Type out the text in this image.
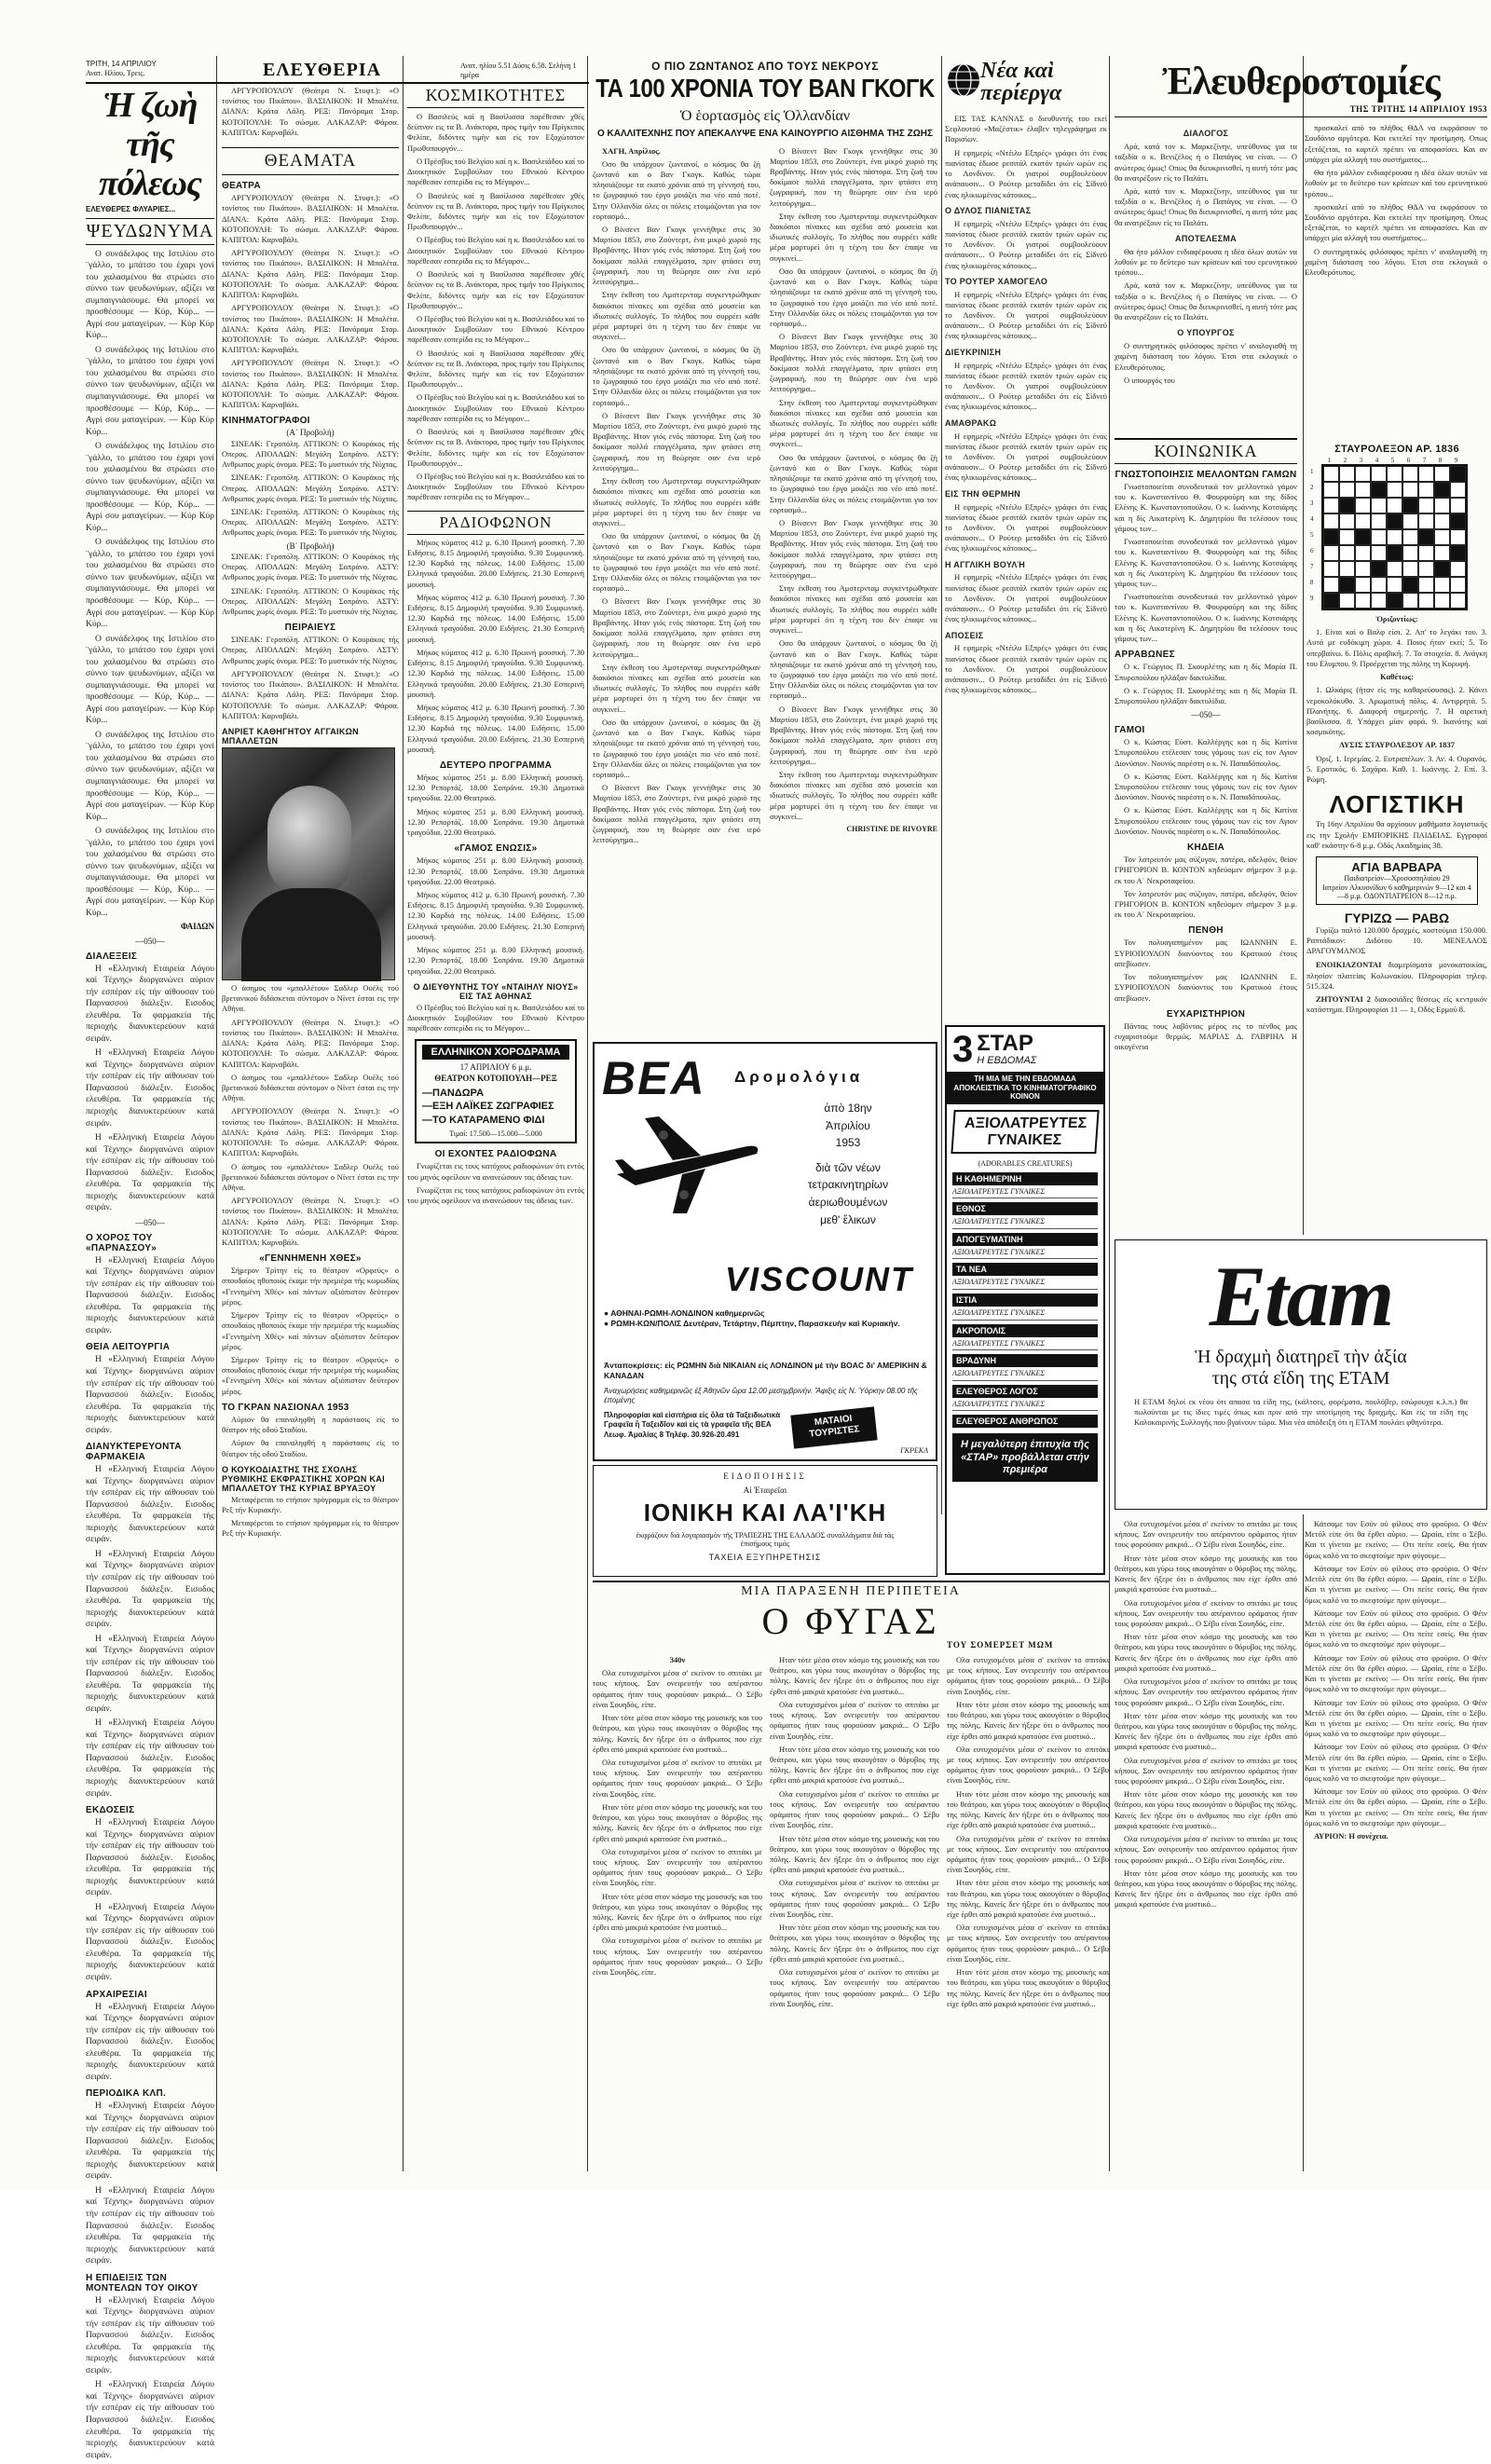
ΤΡΙΤΗ, 14 ΑΠΡΙΛΙΟΥ
Ανατ. Ηλίου, Τρεις.	ΕΛΕΥΘΕΡΙΑ	Ανατ. ηλίου 5.51 Δύσις 6.58. Σελήνη 1 ημέρα
Ἡ ζωὴ τῆς πόλεως
ΕΛΕΥΘΕΡΕΣ ΦΛΥΑΡΙΕΣ...
ΨΕΥΔΩΝΥΜΑ

Ο συνάδελφος της Ιστιλίου στο ¨γάλλο, το μπάτσο του έχαρι γονί του χαλασμένου θα στρώσει στο σύννο των ψευδωνύμων, αξίζει να συμπαιγνιάσουμε. Θα μπορεί να προσθέσουμε — Κύρ, Κύρ... — Αγρί σου ματαγείρων. — Κύρ Κύρ Κύρ...

Ο συνάδελφος της Ιστιλίου στο ¨γάλλο, το μπάτσο του έχαρι γονί του χαλασμένου θα στρώσει στο σύννο των ψευδωνύμων, αξίζει να συμπαιγνιάσουμε. Θα μπορεί να προσθέσουμε — Κύρ, Κύρ... — Αγρί σου ματαγείρων. — Κύρ Κύρ Κύρ...

Ο συνάδελφος της Ιστιλίου στο ¨γάλλο, το μπάτσο του έχαρι γονί του χαλασμένου θα στρώσει στο σύννο των ψευδωνύμων, αξίζει να συμπαιγνιάσουμε. Θα μπορεί να προσθέσουμε — Κύρ, Κύρ... — Αγρί σου ματαγείρων. — Κύρ Κύρ Κύρ...

Ο συνάδελφος της Ιστιλίου στο ¨γάλλο, το μπάτσο του έχαρι γονί του χαλασμένου θα στρώσει στο σύννο των ψευδωνύμων, αξίζει να συμπαιγνιάσουμε. Θα μπορεί να προσθέσουμε — Κύρ, Κύρ... — Αγρί σου ματαγείρων. — Κύρ Κύρ Κύρ...

Ο συνάδελφος της Ιστιλίου στο ¨γάλλο, το μπάτσο του έχαρι γονί του χαλασμένου θα στρώσει στο σύννο των ψευδωνύμων, αξίζει να συμπαιγνιάσουμε. Θα μπορεί να προσθέσουμε — Κύρ, Κύρ... — Αγρί σου ματαγείρων. — Κύρ Κύρ Κύρ...

Ο συνάδελφος της Ιστιλίου στο ¨γάλλο, το μπάτσο του έχαρι γονί του χαλασμένου θα στρώσει στο σύννο των ψευδωνύμων, αξίζει να συμπαιγνιάσουμε. Θα μπορεί να προσθέσουμε — Κύρ, Κύρ... — Αγρί σου ματαγείρων. — Κύρ Κύρ Κύρ...

Ο συνάδελφος της Ιστιλίου στο ¨γάλλο, το μπάτσο του έχαρι γονί του χαλασμένου θα στρώσει στο σύννο των ψευδωνύμων, αξίζει να συμπαιγνιάσουμε. Θα μπορεί να προσθέσουμε — Κύρ, Κύρ... — Αγρί σου ματαγείρων. — Κύρ Κύρ Κύρ...

ΦΑΙΔΩΝ
—050—
ΔΙΑΛΕΞΕΙΣ

Η «Ελληνική Εταιρεία Λόγου καί Τέχνης» διοργανώνει αύριον τήν εσπέραν είς τήν αίθουσαν τού Παρνασσού διάλεξιν. Εισοδος ελευθέρα. Τα φαρμακεία τής περιοχής διανυκτερεύουν κατά σειράν.

Η «Ελληνική Εταιρεία Λόγου καί Τέχνης» διοργανώνει αύριον τήν εσπέραν είς τήν αίθουσαν τού Παρνασσού διάλεξιν. Εισοδος ελευθέρα. Τα φαρμακεία τής περιοχής διανυκτερεύουν κατά σειράν.

Η «Ελληνική Εταιρεία Λόγου καί Τέχνης» διοργανώνει αύριον τήν εσπέραν είς τήν αίθουσαν τού Παρνασσού διάλεξιν. Εισοδος ελευθέρα. Τα φαρμακεία τής περιοχής διανυκτερεύουν κατά σειράν.

—050—
Ο ΧΟΡΟΣ ΤΟΥ «ΠΑΡΝΑΣΣΟΥ»

Η «Ελληνική Εταιρεία Λόγου καί Τέχνης» διοργανώνει αύριον τήν εσπέραν είς τήν αίθουσαν τού Παρνασσού διάλεξιν. Εισοδος ελευθέρα. Τα φαρμακεία τής περιοχής διανυκτερεύουν κατά σειράν.

ΘΕΙΑ ΛΕΙΤΟΥΡΓΙΑ

Η «Ελληνική Εταιρεία Λόγου καί Τέχνης» διοργανώνει αύριον τήν εσπέραν είς τήν αίθουσαν τού Παρνασσού διάλεξιν. Εισοδος ελευθέρα. Τα φαρμακεία τής περιοχής διανυκτερεύουν κατά σειράν.

ΔΙΑΝΥΚΤΕΡΕΥΟΝΤΑ ΦΑΡΜΑΚΕΙΑ

Η «Ελληνική Εταιρεία Λόγου καί Τέχνης» διοργανώνει αύριον τήν εσπέραν είς τήν αίθουσαν τού Παρνασσού διάλεξιν. Εισοδος ελευθέρα. Τα φαρμακεία τής περιοχής διανυκτερεύουν κατά σειράν.

Η «Ελληνική Εταιρεία Λόγου καί Τέχνης» διοργανώνει αύριον τήν εσπέραν είς τήν αίθουσαν τού Παρνασσού διάλεξιν. Εισοδος ελευθέρα. Τα φαρμακεία τής περιοχής διανυκτερεύουν κατά σειράν.

Η «Ελληνική Εταιρεία Λόγου καί Τέχνης» διοργανώνει αύριον τήν εσπέραν είς τήν αίθουσαν τού Παρνασσού διάλεξιν. Εισοδος ελευθέρα. Τα φαρμακεία τής περιοχής διανυκτερεύουν κατά σειράν.

Η «Ελληνική Εταιρεία Λόγου καί Τέχνης» διοργανώνει αύριον τήν εσπέραν είς τήν αίθουσαν τού Παρνασσού διάλεξιν. Εισοδος ελευθέρα. Τα φαρμακεία τής περιοχής διανυκτερεύουν κατά σειράν.

ΕΚΔΟΣΕΙΣ

Η «Ελληνική Εταιρεία Λόγου καί Τέχνης» διοργανώνει αύριον τήν εσπέραν είς τήν αίθουσαν τού Παρνασσού διάλεξιν. Εισοδος ελευθέρα. Τα φαρμακεία τής περιοχής διανυκτερεύουν κατά σειράν.

Η «Ελληνική Εταιρεία Λόγου καί Τέχνης» διοργανώνει αύριον τήν εσπέραν είς τήν αίθουσαν τού Παρνασσού διάλεξιν. Εισοδος ελευθέρα. Τα φαρμακεία τής περιοχής διανυκτερεύουν κατά σειράν.

ΑΡΧΑΙΡΕΣΙΑΙ

Η «Ελληνική Εταιρεία Λόγου καί Τέχνης» διοργανώνει αύριον τήν εσπέραν είς τήν αίθουσαν τού Παρνασσού διάλεξιν. Εισοδος ελευθέρα. Τα φαρμακεία τής περιοχής διανυκτερεύουν κατά σειράν.

ΠΕΡΙΟΔΙΚΑ ΚΛΠ.

Η «Ελληνική Εταιρεία Λόγου καί Τέχνης» διοργανώνει αύριον τήν εσπέραν είς τήν αίθουσαν τού Παρνασσού διάλεξιν. Εισοδος ελευθέρα. Τα φαρμακεία τής περιοχής διανυκτερεύουν κατά σειράν.

Η «Ελληνική Εταιρεία Λόγου καί Τέχνης» διοργανώνει αύριον τήν εσπέραν είς τήν αίθουσαν τού Παρνασσού διάλεξιν. Εισοδος ελευθέρα. Τα φαρμακεία τής περιοχής διανυκτερεύουν κατά σειράν.

Η ΕΠΙΔΕΙΞΙΣ ΤΩΝ ΜΟΝΤΕΛΩΝ ΤΟΥ ΟΙΚΟΥ

Η «Ελληνική Εταιρεία Λόγου καί Τέχνης» διοργανώνει αύριον τήν εσπέραν είς τήν αίθουσαν τού Παρνασσού διάλεξιν. Εισοδος ελευθέρα. Τα φαρμακεία τής περιοχής διανυκτερεύουν κατά σειράν.

Η «Ελληνική Εταιρεία Λόγου καί Τέχνης» διοργανώνει αύριον τήν εσπέραν είς τήν αίθουσαν τού Παρνασσού διάλεξιν. Εισοδος ελευθέρα. Τα φαρμακεία τής περιοχής διανυκτερεύουν κατά σειράν.

ΑΡΓΥΡΟΠΟΥΛΟΥ (Θεάτρα Ν. Στυφτ.): «Ο τονίστος του Πικάπου». ΒΑΣΙΛΙΚΟΝ: Η Μπαλέτα. ΔΙΑΝΑ: Κράτα Λάλη. ΡΕΞ: Πανόραμα Σταρ. ΚΟΤΟΠΟΥΛΗ: Το σώσμα. ΑΛΚΑΖΑΡ: Φάρσα. ΚΑΠΙΤΟΛ: Καρναβάλι.

ΘΕΑΜΑΤΑ
ΘΕΑΤΡΑ

ΑΡΓΥΡΟΠΟΥΛΟΥ (Θεάτρα Ν. Στυφτ.): «Ο τονίστος του Πικάπου». ΒΑΣΙΛΙΚΟΝ: Η Μπαλέτα. ΔΙΑΝΑ: Κράτα Λάλη. ΡΕΞ: Πανόραμα Σταρ. ΚΟΤΟΠΟΥΛΗ: Το σώσμα. ΑΛΚΑΖΑΡ: Φάρσα. ΚΑΠΙΤΟΛ: Καρναβάλι.

ΑΡΓΥΡΟΠΟΥΛΟΥ (Θεάτρα Ν. Στυφτ.): «Ο τονίστος του Πικάπου». ΒΑΣΙΛΙΚΟΝ: Η Μπαλέτα. ΔΙΑΝΑ: Κράτα Λάλη. ΡΕΞ: Πανόραμα Σταρ. ΚΟΤΟΠΟΥΛΗ: Το σώσμα. ΑΛΚΑΖΑΡ: Φάρσα. ΚΑΠΙΤΟΛ: Καρναβάλι.

ΑΡΓΥΡΟΠΟΥΛΟΥ (Θεάτρα Ν. Στυφτ.): «Ο τονίστος του Πικάπου». ΒΑΣΙΛΙΚΟΝ: Η Μπαλέτα. ΔΙΑΝΑ: Κράτα Λάλη. ΡΕΞ: Πανόραμα Σταρ. ΚΟΤΟΠΟΥΛΗ: Το σώσμα. ΑΛΚΑΖΑΡ: Φάρσα. ΚΑΠΙΤΟΛ: Καρναβάλι.

ΑΡΓΥΡΟΠΟΥΛΟΥ (Θεάτρα Ν. Στυφτ.): «Ο τονίστος του Πικάπου». ΒΑΣΙΛΙΚΟΝ: Η Μπαλέτα. ΔΙΑΝΑ: Κράτα Λάλη. ΡΕΞ: Πανόραμα Σταρ. ΚΟΤΟΠΟΥΛΗ: Το σώσμα. ΑΛΚΑΖΑΡ: Φάρσα. ΚΑΠΙΤΟΛ: Καρναβάλι.

ΚΙΝΗΜΑΤΟΓΡΑΦΟΙ
(Α΄ Προβολή)

ΣΙΝΕΑΚ: Γεροπόλη. ΑΤΤΙΚΟΝ: Ο Κουράκος τής Οπερας. ΑΠΟΛΛΩΝ: Μεγάλη Σοπράνο. ΑΣΤΥ: Ανθρωπος χωρίς όνομα. ΡΕΞ: Το μυστικόν τής Νύχτας.

ΣΙΝΕΑΚ: Γεροπόλη. ΑΤΤΙΚΟΝ: Ο Κουράκος τής Οπερας. ΑΠΟΛΛΩΝ: Μεγάλη Σοπράνο. ΑΣΤΥ: Ανθρωπος χωρίς όνομα. ΡΕΞ: Το μυστικόν τής Νύχτας.

ΣΙΝΕΑΚ: Γεροπόλη. ΑΤΤΙΚΟΝ: Ο Κουράκος τής Οπερας. ΑΠΟΛΛΩΝ: Μεγάλη Σοπράνο. ΑΣΤΥ: Ανθρωπος χωρίς όνομα. ΡΕΞ: Το μυστικόν τής Νύχτας.

(Β΄ Προβολή)

ΣΙΝΕΑΚ: Γεροπόλη. ΑΤΤΙΚΟΝ: Ο Κουράκος τής Οπερας. ΑΠΟΛΛΩΝ: Μεγάλη Σοπράνο. ΑΣΤΥ: Ανθρωπος χωρίς όνομα. ΡΕΞ: Το μυστικόν τής Νύχτας.

ΣΙΝΕΑΚ: Γεροπόλη. ΑΤΤΙΚΟΝ: Ο Κουράκος τής Οπερας. ΑΠΟΛΛΩΝ: Μεγάλη Σοπράνο. ΑΣΤΥ: Ανθρωπος χωρίς όνομα. ΡΕΞ: Το μυστικόν τής Νύχτας.

ΠΕΙΡΑΙΕΥΣ

ΣΙΝΕΑΚ: Γεροπόλη. ΑΤΤΙΚΟΝ: Ο Κουράκος τής Οπερας. ΑΠΟΛΛΩΝ: Μεγάλη Σοπράνο. ΑΣΤΥ: Ανθρωπος χωρίς όνομα. ΡΕΞ: Το μυστικόν τής Νύχτας.

ΑΡΓΥΡΟΠΟΥΛΟΥ (Θεάτρα Ν. Στυφτ.): «Ο τονίστος του Πικάπου». ΒΑΣΙΛΙΚΟΝ: Η Μπαλέτα. ΔΙΑΝΑ: Κράτα Λάλη. ΡΕΞ: Πανόραμα Σταρ. ΚΟΤΟΠΟΥΛΗ: Το σώσμα. ΑΛΚΑΖΑΡ: Φάρσα. ΚΑΠΙΤΟΛ: Καρναβάλι.

ΑΝΡΙΕΤ ΚΑΘΗΓΗΤΟΥ ΑΓΓΑΙΚΩΝ ΜΠΑΛΛΕΤΩΝ

Ο άσημος του «μπαλλέτου» Σαδλερ Ουέλς τού βρετανικού διδάσκεται σύντομον ο Νίνετ έσται εις την Αθήνα.

ΑΡΓΥΡΟΠΟΥΛΟΥ (Θεάτρα Ν. Στυφτ.): «Ο τονίστος του Πικάπου». ΒΑΣΙΛΙΚΟΝ: Η Μπαλέτα. ΔΙΑΝΑ: Κράτα Λάλη. ΡΕΞ: Πανόραμα Σταρ. ΚΟΤΟΠΟΥΛΗ: Το σώσμα. ΑΛΚΑΖΑΡ: Φάρσα. ΚΑΠΙΤΟΛ: Καρναβάλι.

Ο άσημος του «μπαλλέτου» Σαδλερ Ουέλς τού βρετανικού διδάσκεται σύντομον ο Νίνετ έσται εις την Αθήνα.

ΑΡΓΥΡΟΠΟΥΛΟΥ (Θεάτρα Ν. Στυφτ.): «Ο τονίστος του Πικάπου». ΒΑΣΙΛΙΚΟΝ: Η Μπαλέτα. ΔΙΑΝΑ: Κράτα Λάλη. ΡΕΞ: Πανόραμα Σταρ. ΚΟΤΟΠΟΥΛΗ: Το σώσμα. ΑΛΚΑΖΑΡ: Φάρσα. ΚΑΠΙΤΟΛ: Καρναβάλι.

Ο άσημος του «μπαλλέτου» Σαδλερ Ουέλς τού βρετανικού διδάσκεται σύντομον ο Νίνετ έσται εις την Αθήνα.

ΑΡΓΥΡΟΠΟΥΛΟΥ (Θεάτρα Ν. Στυφτ.): «Ο τονίστος του Πικάπου». ΒΑΣΙΛΙΚΟΝ: Η Μπαλέτα. ΔΙΑΝΑ: Κράτα Λάλη. ΡΕΞ: Πανόραμα Σταρ. ΚΟΤΟΠΟΥΛΗ: Το σώσμα. ΑΛΚΑΖΑΡ: Φάρσα. ΚΑΠΙΤΟΛ: Καρναβάλι.

«ΓΕΝΝΗΜΕΝΗ ΧΘΕΣ»

Σήμερον Τρίτην είς το θέατρον «Ορφεύς» ο σπουδαίος ηθοποιός έκαμε τήν πρεμιέρα τής κωμωδίας «Γεννημένη Χθές» καί πάντων αξιόπιστον δεύτερον μέρος.

Σήμερον Τρίτην είς το θέατρον «Ορφεύς» ο σπουδαίος ηθοποιός έκαμε τήν πρεμιέρα τής κωμωδίας «Γεννημένη Χθές» καί πάντων αξιόπιστον δεύτερον μέρος.

Σήμερον Τρίτην είς το θέατρον «Ορφεύς» ο σπουδαίος ηθοποιός έκαμε τήν πρεμιέρα τής κωμωδίας «Γεννημένη Χθές» καί πάντων αξιόπιστον δεύτερον μέρος.

ΤΟ ΓΚΡΑΝ ΝΑΣΙΟΝΑΛ 1953

Αύριον θα επαναληφθή η παράστασις είς το θέατρον τής οδού Σταδίου.

Αύριον θα επαναληφθή η παράστασις είς το θέατρον τής οδού Σταδίου.

Ο ΚΟΥΚΟΔΙΑΣΤΗΣ ΤΗΣ ΣΧΟΛΗΣ ΡΥΘΜΙΚΗΣ ΕΚΦΡΑΣΤΙΚΗΣ ΧΟΡΩΝ ΚΑΙ ΜΠΑΛΛΕΤΟΥ ΤΗΣ ΚΥΡΙΑΣ ΒΡΥΑΞΟΥ

Μεταφέρεται το ετήσιον πρόγραμμα είς το θέατρον Ρεξ τήν Κυριακήν.

Μεταφέρεται το ετήσιον πρόγραμμα είς το θέατρον Ρεξ τήν Κυριακήν.

ΚΟΣΜΙΚΟΤΗΤΕΣ

Ο Βασιλεύς καί η Βασίλισσα παρέθεσαν χθές δεύπνον εις τα Β. Ανάκτορα, προς τιμήν του Πρίγκιπος Φελίπε, διδόντες τιμήν και είς τον Εξοχώτατον Πρωθυπουργόν...

Ο Πρέσβυς τού Βελγίου καί η κ. Βασιλειάδου καί το Διοικητικόν Συμβούλιον του Εθνικού Κέντρου παρέθεσαν εσπερίδα εις το Μέγαρον...

Ο Βασιλεύς καί η Βασίλισσα παρέθεσαν χθές δεύπνον εις τα Β. Ανάκτορα, προς τιμήν του Πρίγκιπος Φελίπε, διδόντες τιμήν και είς τον Εξοχώτατον Πρωθυπουργόν...

Ο Πρέσβυς τού Βελγίου καί η κ. Βασιλειάδου καί το Διοικητικόν Συμβούλιον του Εθνικού Κέντρου παρέθεσαν εσπερίδα εις το Μέγαρον...

Ο Βασιλεύς καί η Βασίλισσα παρέθεσαν χθές δεύπνον εις τα Β. Ανάκτορα, προς τιμήν του Πρίγκιπος Φελίπε, διδόντες τιμήν και είς τον Εξοχώτατον Πρωθυπουργόν...

Ο Πρέσβυς τού Βελγίου καί η κ. Βασιλειάδου καί το Διοικητικόν Συμβούλιον του Εθνικού Κέντρου παρέθεσαν εσπερίδα εις το Μέγαρον...

Ο Βασιλεύς καί η Βασίλισσα παρέθεσαν χθές δεύπνον εις τα Β. Ανάκτορα, προς τιμήν του Πρίγκιπος Φελίπε, διδόντες τιμήν και είς τον Εξοχώτατον Πρωθυπουργόν...

Ο Πρέσβυς τού Βελγίου καί η κ. Βασιλειάδου καί το Διοικητικόν Συμβούλιον του Εθνικού Κέντρου παρέθεσαν εσπερίδα εις το Μέγαρον...

Ο Βασιλεύς καί η Βασίλισσα παρέθεσαν χθές δεύπνον εις τα Β. Ανάκτορα, προς τιμήν του Πρίγκιπος Φελίπε, διδόντες τιμήν και είς τον Εξοχώτατον Πρωθυπουργόν...

Ο Πρέσβυς τού Βελγίου καί η κ. Βασιλειάδου καί το Διοικητικόν Συμβούλιον του Εθνικού Κέντρου παρέθεσαν εσπερίδα εις το Μέγαρον...

ΡΑΔΙΟΦΩΝΟΝ

Μήκος κύματος 412 μ. 6.30 Πρωινή μουσική. 7.30 Ειδήσεις. 8.15 Δημοφιλή τραγούδια. 9.30 Συμφωνική. 12.30 Καρδιά της πόλεως. 14.00 Ειδήσεις. 15.00 Ελληνικά τραγούδια. 20.00 Ειδήσεις. 21.30 Εσπερινή μουσική.

Μήκος κύματος 412 μ. 6.30 Πρωινή μουσική. 7.30 Ειδήσεις. 8.15 Δημοφιλή τραγούδια. 9.30 Συμφωνική. 12.30 Καρδιά της πόλεως. 14.00 Ειδήσεις. 15.00 Ελληνικά τραγούδια. 20.00 Ειδήσεις. 21.30 Εσπερινή μουσική.

Μήκος κύματος 412 μ. 6.30 Πρωινή μουσική. 7.30 Ειδήσεις. 8.15 Δημοφιλή τραγούδια. 9.30 Συμφωνική. 12.30 Καρδιά της πόλεως. 14.00 Ειδήσεις. 15.00 Ελληνικά τραγούδια. 20.00 Ειδήσεις. 21.30 Εσπερινή μουσική.

Μήκος κύματος 412 μ. 6.30 Πρωινή μουσική. 7.30 Ειδήσεις. 8.15 Δημοφιλή τραγούδια. 9.30 Συμφωνική. 12.30 Καρδιά της πόλεως. 14.00 Ειδήσεις. 15.00 Ελληνικά τραγούδια. 20.00 Ειδήσεις. 21.30 Εσπερινή μουσική.

ΔΕΥΤΕΡΟ ΠΡΟΓΡΑΜΜΑ

Μήκος κύματος 251 μ. 8.00 Ελληνική μουσική. 12.30 Ρεπορτάζ. 18.00 Σοπράνα. 19.30 Δημοτικά τραγούδια. 22.00 Θεατρικό.

Μήκος κύματος 251 μ. 8.00 Ελληνική μουσική. 12.30 Ρεπορτάζ. 18.00 Σοπράνα. 19.30 Δημοτικά τραγούδια. 22.00 Θεατρικό.

«ΓΑΜΟΣ ΕΝΩΣΙΣ»

Μήκος κύματος 251 μ. 8.00 Ελληνική μουσική. 12.30 Ρεπορτάζ. 18.00 Σοπράνα. 19.30 Δημοτικά τραγούδια. 22.00 Θεατρικό.

Μήκος κύματος 412 μ. 6.30 Πρωινή μουσική. 7.30 Ειδήσεις. 8.15 Δημοφιλή τραγούδια. 9.30 Συμφωνική. 12.30 Καρδιά της πόλεως. 14.00 Ειδήσεις. 15.00 Ελληνικά τραγούδια. 20.00 Ειδήσεις. 21.30 Εσπερινή μουσική.

Μήκος κύματος 251 μ. 8.00 Ελληνική μουσική. 12.30 Ρεπορτάζ. 18.00 Σοπράνα. 19.30 Δημοτικά τραγούδια. 22.00 Θεατρικό.

Ο ΔΙΕΥΘΥΝΤΗΣ ΤΟΥ «ΝΤΑΙΗΛΥ ΝΙΟΥΣ» ΕΙΣ ΤΑΣ ΑΘΗΝΑΣ

Ο Πρέσβυς τού Βελγίου καί η κ. Βασιλειάδου καί το Διοικητικόν Συμβούλιον του Εθνικού Κέντρου παρέθεσαν εσπερίδα εις το Μέγαρον...

ΕΛΛΗΝΙΚΟΝ ΧΟΡΟΔΡΑΜΑ
17 ΑΠΡΙΛΙΟΥ 6 μ.μ.
ΘΕΑΤΡΟΝ ΚΟΤΟΠΟΥΛΗ—ΡΕΞ
—ΠΑΝΔΩΡΑ
—ΕΞΗ ΛΑΪΚΕΣ ΖΩΓΡΑΦΙΕΣ
—ΤΟ ΚΑΤΑΡΑΜΕΝΟ ΦΙΔΙ
Τιμαί: 17.500—15.000—5.000
ΟΙ ΕΧΟΝΤΕΣ ΡΑΔΙΟΦΩΝΑ

Γνωρίζεται εις τους κατόχους ραδιοφώνων ότι εντός του μηνός οφείλουν να ανανεώσουν τας άδειας των.

Γνωρίζεται εις τους κατόχους ραδιοφώνων ότι εντός του μηνός οφείλουν να ανανεώσουν τας άδειας των.

Ο ΠΙΟ ΖΩΝΤΑΝΟΣ ΑΠΟ ΤΟΥΣ ΝΕΚΡΟΥΣ
ΤΑ 100 ΧΡΟΝΙΑ ΤΟΥ ΒΑΝ ΓΚΟΓΚ
Ὁ ἑορτασμὸς εἰς Ὁλλανδίαν
Ο ΚΑΛΛΙΤΕΧΝΗΣ ΠΟΥ ΑΠΕΚΑΛΥΨΕ ΕΝΑ ΚΑΙΝΟΥΡΓΙΟ ΑΙΣΘΗΜΑ ΤΗΣ ΖΩΗΣ

ΧΑΓΗ, Απρίλιος.

Οσο θα υπάρχουν ζωντανοί, ο κόσμος θα ζή ζωντανό και ο Βαν Γκογκ. Καθώς τώρα πλησιάζουμε τα εκατό χρόνια από τη γέννησή του, το ζωγραφικό του έργο μοιάζει πιο νέο από ποτέ. Στην Ολλανδία όλες οι πόλεις ετοιμάζονται για τον εορτασμό...

Ο Βίνσεντ Βαν Γκογκ γεννήθηκε στις 30 Μαρτίου 1853, στο Ζούντερτ, ένα μικρό χωριό της Βραβάντης. Ηταν γιός ενός πάστορα. Στη ζωή του δοκίμασε πολλά επαγγέλματα, πριν φτάσει στη ζωγραφική, που τη θεώρησε σαν ένα ιερό λειτούργημα...

Στην έκθεση του Αμστερνταμ συγκεντρώθηκαν διακόσιοι πίνακες και σχέδια από μουσεία και ιδιωτικές συλλογές. Το πλήθος που συρρέει κάθε μέρα μαρτυρεί ότι η τέχνη του δεν έπαψε να συγκινεί...

Οσο θα υπάρχουν ζωντανοί, ο κόσμος θα ζή ζωντανό και ο Βαν Γκογκ. Καθώς τώρα πλησιάζουμε τα εκατό χρόνια από τη γέννησή του, το ζωγραφικό του έργο μοιάζει πιο νέο από ποτέ. Στην Ολλανδία όλες οι πόλεις ετοιμάζονται για τον εορτασμό...

Ο Βίνσεντ Βαν Γκογκ γεννήθηκε στις 30 Μαρτίου 1853, στο Ζούντερτ, ένα μικρό χωριό της Βραβάντης. Ηταν γιός ενός πάστορα. Στη ζωή του δοκίμασε πολλά επαγγέλματα, πριν φτάσει στη ζωγραφική, που τη θεώρησε σαν ένα ιερό λειτούργημα...

Στην έκθεση του Αμστερνταμ συγκεντρώθηκαν διακόσιοι πίνακες και σχέδια από μουσεία και ιδιωτικές συλλογές. Το πλήθος που συρρέει κάθε μέρα μαρτυρεί ότι η τέχνη του δεν έπαψε να συγκινεί...

Οσο θα υπάρχουν ζωντανοί, ο κόσμος θα ζή ζωντανό και ο Βαν Γκογκ. Καθώς τώρα πλησιάζουμε τα εκατό χρόνια από τη γέννησή του, το ζωγραφικό του έργο μοιάζει πιο νέο από ποτέ. Στην Ολλανδία όλες οι πόλεις ετοιμάζονται για τον εορτασμό...

Ο Βίνσεντ Βαν Γκογκ γεννήθηκε στις 30 Μαρτίου 1853, στο Ζούντερτ, ένα μικρό χωριό της Βραβάντης. Ηταν γιός ενός πάστορα. Στη ζωή του δοκίμασε πολλά επαγγέλματα, πριν φτάσει στη ζωγραφική, που τη θεώρησε σαν ένα ιερό λειτούργημα...

Στην έκθεση του Αμστερνταμ συγκεντρώθηκαν διακόσιοι πίνακες και σχέδια από μουσεία και ιδιωτικές συλλογές. Το πλήθος που συρρέει κάθε μέρα μαρτυρεί ότι η τέχνη του δεν έπαψε να συγκινεί...

Οσο θα υπάρχουν ζωντανοί, ο κόσμος θα ζή ζωντανό και ο Βαν Γκογκ. Καθώς τώρα πλησιάζουμε τα εκατό χρόνια από τη γέννησή του, το ζωγραφικό του έργο μοιάζει πιο νέο από ποτέ. Στην Ολλανδία όλες οι πόλεις ετοιμάζονται για τον εορτασμό...

Ο Βίνσεντ Βαν Γκογκ γεννήθηκε στις 30 Μαρτίου 1853, στο Ζούντερτ, ένα μικρό χωριό της Βραβάντης. Ηταν γιός ενός πάστορα. Στη ζωή του δοκίμασε πολλά επαγγέλματα, πριν φτάσει στη ζωγραφική, που τη θεώρησε σαν ένα ιερό λειτούργημα...

Ο Βίνσεντ Βαν Γκογκ γεννήθηκε στις 30 Μαρτίου 1853, στο Ζούντερτ, ένα μικρό χωριό της Βραβάντης. Ηταν γιός ενός πάστορα. Στη ζωή του δοκίμασε πολλά επαγγέλματα, πριν φτάσει στη ζωγραφική, που τη θεώρησε σαν ένα ιερό λειτούργημα...

Στην έκθεση του Αμστερνταμ συγκεντρώθηκαν διακόσιοι πίνακες και σχέδια από μουσεία και ιδιωτικές συλλογές. Το πλήθος που συρρέει κάθε μέρα μαρτυρεί ότι η τέχνη του δεν έπαψε να συγκινεί...

Οσο θα υπάρχουν ζωντανοί, ο κόσμος θα ζή ζωντανό και ο Βαν Γκογκ. Καθώς τώρα πλησιάζουμε τα εκατό χρόνια από τη γέννησή του, το ζωγραφικό του έργο μοιάζει πιο νέο από ποτέ. Στην Ολλανδία όλες οι πόλεις ετοιμάζονται για τον εορτασμό...

Ο Βίνσεντ Βαν Γκογκ γεννήθηκε στις 30 Μαρτίου 1853, στο Ζούντερτ, ένα μικρό χωριό της Βραβάντης. Ηταν γιός ενός πάστορα. Στη ζωή του δοκίμασε πολλά επαγγέλματα, πριν φτάσει στη ζωγραφική, που τη θεώρησε σαν ένα ιερό λειτούργημα...

Στην έκθεση του Αμστερνταμ συγκεντρώθηκαν διακόσιοι πίνακες και σχέδια από μουσεία και ιδιωτικές συλλογές. Το πλήθος που συρρέει κάθε μέρα μαρτυρεί ότι η τέχνη του δεν έπαψε να συγκινεί...

Οσο θα υπάρχουν ζωντανοί, ο κόσμος θα ζή ζωντανό και ο Βαν Γκογκ. Καθώς τώρα πλησιάζουμε τα εκατό χρόνια από τη γέννησή του, το ζωγραφικό του έργο μοιάζει πιο νέο από ποτέ. Στην Ολλανδία όλες οι πόλεις ετοιμάζονται για τον εορτασμό...

Ο Βίνσεντ Βαν Γκογκ γεννήθηκε στις 30 Μαρτίου 1853, στο Ζούντερτ, ένα μικρό χωριό της Βραβάντης. Ηταν γιός ενός πάστορα. Στη ζωή του δοκίμασε πολλά επαγγέλματα, πριν φτάσει στη ζωγραφική, που τη θεώρησε σαν ένα ιερό λειτούργημα...

Στην έκθεση του Αμστερνταμ συγκεντρώθηκαν διακόσιοι πίνακες και σχέδια από μουσεία και ιδιωτικές συλλογές. Το πλήθος που συρρέει κάθε μέρα μαρτυρεί ότι η τέχνη του δεν έπαψε να συγκινεί...

Οσο θα υπάρχουν ζωντανοί, ο κόσμος θα ζή ζωντανό και ο Βαν Γκογκ. Καθώς τώρα πλησιάζουμε τα εκατό χρόνια από τη γέννησή του, το ζωγραφικό του έργο μοιάζει πιο νέο από ποτέ. Στην Ολλανδία όλες οι πόλεις ετοιμάζονται για τον εορτασμό...

Ο Βίνσεντ Βαν Γκογκ γεννήθηκε στις 30 Μαρτίου 1853, στο Ζούντερτ, ένα μικρό χωριό της Βραβάντης. Ηταν γιός ενός πάστορα. Στη ζωή του δοκίμασε πολλά επαγγέλματα, πριν φτάσει στη ζωγραφική, που τη θεώρησε σαν ένα ιερό λειτούργημα...

Στην έκθεση του Αμστερνταμ συγκεντρώθηκαν διακόσιοι πίνακες και σχέδια από μουσεία και ιδιωτικές συλλογές. Το πλήθος που συρρέει κάθε μέρα μαρτυρεί ότι η τέχνη του δεν έπαψε να συγκινεί...

CHRISTINE DE RIVOYRE

BEA Δρομολόγια
ἀπὸ 18ην
Ἀπριλίου
1953
διὰ τῶν νέων
τετρακινητηρίων
ἀεριωθουμένων
μεθ' ἕλικων
VISCOUNT
● ΑΘΗΝΑΙ-ΡΩΜΗ-ΛΟΝΔΙΝΟΝ καθημερινῶς
● ΡΩΜΗ-ΚΩΝ/ΠΟΛΙΣ Δευτέραν, Τετάρτην, Πέμπτην, Παρασκευὴν καὶ Κυριακήν.
Ἀνταποκρίσεις: εἰς ΡΩΜΗΝ διὰ ΝΙΚΑΙΑΝ εἰς ΛΟΝΔΙΝΟΝ μὲ τὴν BOAC δι' ΑΜΕΡΙΚΗΝ & ΚΑΝΑΔΑΝ
Ἀναχωρήσεις καθημερινῶς ἐξ Ἀθηνῶν ὥρα 12.00 μεσημβρινήν. Ἄφιξις εἰς Ν. Ὑόρκην 08.00 τῆς ἑπομένης
Πληροφορίαι καὶ εἰσιτήρια εἰς ὅλα τὰ Ταξειδιωτικὰ Γραφεῖα ἢ Ταξειδῖον καὶ εἰς τὰ γραφεῖα τῆς BEA Λεωφ. Ἀμαλίας 8 Τηλέφ. 30.926-20.491
ΜΑΤΑΙΟΙ ΤΟΥΡΙΣΤΕΣ
ΓΚΡΕΚΑ
ΕΙΔΟΠΟΙΗΣΙΣ
Αἱ Ἑταιρεῖαι
ΙΟΝΙΚΗ ΚΑΙ ΛΑ'Ι'ΚΗ
ἐκφράζουν διὰ λογαριασμὸν τῆς ΤΡΑΠΕΖΗΣ ΤΗΣ ΕΛΛΑΔΟΣ συναλλάγματα διὰ τὰς ἐπισήμους τιμάς
ΤΑΧΕΙΑ ΕΞΥΠΗΡΕΤΗΣΙΣ
ΜΙΑ ΠΑΡΑΞΕΝΗ ΠΕΡΙΠΕΤΕΙΑ
Ο ΦΥΓΑΣ
ΤΟΥ ΣΟΜΕΡΣΕΤ ΜΩΜ

340ν

Ολα ευτυχισμένοι μέσα σ' εκείνον το σπιτάκι με τους κήπους. Σαν ονειρευτήν του απέραντου οράματος ήταν τους φορούσαν μακριά... Ο Σέβυ είναι Σουηδός, είπε.

Ηταν τότε μέσα στον κόσμο της μουσικής και του θεάτρου, και γύρω τους ακουγόταν ο θόρυβος της πόλης. Κανείς δεν ήξερε ότι ο άνθρωπος που είχε έρθει από μακριά κρατούσε ένα μυστικό...

Ολα ευτυχισμένοι μέσα σ' εκείνον το σπιτάκι με τους κήπους. Σαν ονειρευτήν του απέραντου οράματος ήταν τους φορούσαν μακριά... Ο Σέβυ είναι Σουηδός, είπε.

Ηταν τότε μέσα στον κόσμο της μουσικής και του θεάτρου, και γύρω τους ακουγόταν ο θόρυβος της πόλης. Κανείς δεν ήξερε ότι ο άνθρωπος που είχε έρθει από μακριά κρατούσε ένα μυστικό...

Ολα ευτυχισμένοι μέσα σ' εκείνον το σπιτάκι με τους κήπους. Σαν ονειρευτήν του απέραντου οράματος ήταν τους φορούσαν μακριά... Ο Σέβυ είναι Σουηδός, είπε.

Ηταν τότε μέσα στον κόσμο της μουσικής και του θεάτρου, και γύρω τους ακουγόταν ο θόρυβος της πόλης. Κανείς δεν ήξερε ότι ο άνθρωπος που είχε έρθει από μακριά κρατούσε ένα μυστικό...

Ολα ευτυχισμένοι μέσα σ' εκείνον το σπιτάκι με τους κήπους. Σαν ονειρευτήν του απέραντου οράματος ήταν τους φορούσαν μακριά... Ο Σέβυ είναι Σουηδός, είπε.

Ηταν τότε μέσα στον κόσμο της μουσικής και του θεάτρου, και γύρω τους ακουγόταν ο θόρυβος της πόλης. Κανείς δεν ήξερε ότι ο άνθρωπος που είχε έρθει από μακριά κρατούσε ένα μυστικό...

Ολα ευτυχισμένοι μέσα σ' εκείνον το σπιτάκι με τους κήπους. Σαν ονειρευτήν του απέραντου οράματος ήταν τους φορούσαν μακριά... Ο Σέβυ είναι Σουηδός, είπε.

Ηταν τότε μέσα στον κόσμο της μουσικής και του θεάτρου, και γύρω τους ακουγόταν ο θόρυβος της πόλης. Κανείς δεν ήξερε ότι ο άνθρωπος που είχε έρθει από μακριά κρατούσε ένα μυστικό...

Ολα ευτυχισμένοι μέσα σ' εκείνον το σπιτάκι με τους κήπους. Σαν ονειρευτήν του απέραντου οράματος ήταν τους φορούσαν μακριά... Ο Σέβυ είναι Σουηδός, είπε.

Ηταν τότε μέσα στον κόσμο της μουσικής και του θεάτρου, και γύρω τους ακουγόταν ο θόρυβος της πόλης. Κανείς δεν ήξερε ότι ο άνθρωπος που είχε έρθει από μακριά κρατούσε ένα μυστικό...

Ολα ευτυχισμένοι μέσα σ' εκείνον το σπιτάκι με τους κήπους. Σαν ονειρευτήν του απέραντου οράματος ήταν τους φορούσαν μακριά... Ο Σέβυ είναι Σουηδός, είπε.

Ηταν τότε μέσα στον κόσμο της μουσικής και του θεάτρου, και γύρω τους ακουγόταν ο θόρυβος της πόλης. Κανείς δεν ήξερε ότι ο άνθρωπος που είχε έρθει από μακριά κρατούσε ένα μυστικό...

Ολα ευτυχισμένοι μέσα σ' εκείνον το σπιτάκι με τους κήπους. Σαν ονειρευτήν του απέραντου οράματος ήταν τους φορούσαν μακριά... Ο Σέβυ είναι Σουηδός, είπε.

Ολα ευτυχισμένοι μέσα σ' εκείνον το σπιτάκι με τους κήπους. Σαν ονειρευτήν του απέραντου οράματος ήταν τους φορούσαν μακριά... Ο Σέβυ είναι Σουηδός, είπε.

Ηταν τότε μέσα στον κόσμο της μουσικής και του θεάτρου, και γύρω τους ακουγόταν ο θόρυβος της πόλης. Κανείς δεν ήξερε ότι ο άνθρωπος που είχε έρθει από μακριά κρατούσε ένα μυστικό...

Ολα ευτυχισμένοι μέσα σ' εκείνον το σπιτάκι με τους κήπους. Σαν ονειρευτήν του απέραντου οράματος ήταν τους φορούσαν μακριά... Ο Σέβυ είναι Σουηδός, είπε.

Ηταν τότε μέσα στον κόσμο της μουσικής και του θεάτρου, και γύρω τους ακουγόταν ο θόρυβος της πόλης. Κανείς δεν ήξερε ότι ο άνθρωπος που είχε έρθει από μακριά κρατούσε ένα μυστικό...

Ολα ευτυχισμένοι μέσα σ' εκείνον το σπιτάκι με τους κήπους. Σαν ονειρευτήν του απέραντου οράματος ήταν τους φορούσαν μακριά... Ο Σέβυ είναι Σουηδός, είπε.

Ηταν τότε μέσα στον κόσμο της μουσικής και του θεάτρου, και γύρω τους ακουγόταν ο θόρυβος της πόλης. Κανείς δεν ήξερε ότι ο άνθρωπος που είχε έρθει από μακριά κρατούσε ένα μυστικό...

Ολα ευτυχισμένοι μέσα σ' εκείνον το σπιτάκι με τους κήπους. Σαν ονειρευτήν του απέραντου οράματος ήταν τους φορούσαν μακριά... Ο Σέβυ είναι Σουηδός, είπε.

Ηταν τότε μέσα στον κόσμο της μουσικής και του θεάτρου, και γύρω τους ακουγόταν ο θόρυβος της πόλης. Κανείς δεν ήξερε ότι ο άνθρωπος που είχε έρθει από μακριά κρατούσε ένα μυστικό...

Νέα καὶ περίεργα

ΕΙΣ ΤΑΣ ΚΑΝΝΑΣ ο διευθυντής του εκεί Σεφλουτού «Μαζέστικ» έλαβεν τηλεγράφημα εκ Παρισίων.

Η εφημερίς «Ντέιλυ Εξπρές» γράφει ότι ένας πιανίστας έδωσε ρεσιτάλ εκατόν τριών ωρών εις το Λονδίνον. Οι γιατροί συμβουλεύουν ανάπαυσιν... Ο Ρούτερ μεταδίδει ότι είς Σίδνεϋ ένας ηλικιωμένος κάτοικος...

Ο ΔΥΛΟΣ ΠΙΑΝΙΣΤΑΣ

Η εφημερίς «Ντέιλυ Εξπρές» γράφει ότι ένας πιανίστας έδωσε ρεσιτάλ εκατόν τριών ωρών εις το Λονδίνον. Οι γιατροί συμβουλεύουν ανάπαυσιν... Ο Ρούτερ μεταδίδει ότι είς Σίδνεϋ ένας ηλικιωμένος κάτοικος...

ΤΟ ΡΟΥΤΕΡ ΧΑΜΟΓΕΛΟ

Η εφημερίς «Ντέιλυ Εξπρές» γράφει ότι ένας πιανίστας έδωσε ρεσιτάλ εκατόν τριών ωρών εις το Λονδίνον. Οι γιατροί συμβουλεύουν ανάπαυσιν... Ο Ρούτερ μεταδίδει ότι είς Σίδνεϋ ένας ηλικιωμένος κάτοικος...

ΔΙΕΥΚΡΙΝΙΣΗ

Η εφημερίς «Ντέιλυ Εξπρές» γράφει ότι ένας πιανίστας έδωσε ρεσιτάλ εκατόν τριών ωρών εις το Λονδίνον. Οι γιατροί συμβουλεύουν ανάπαυσιν... Ο Ρούτερ μεταδίδει ότι είς Σίδνεϋ ένας ηλικιωμένος κάτοικος...

ΑΜΑΘΡΑΚΩ

Η εφημερίς «Ντέιλυ Εξπρές» γράφει ότι ένας πιανίστας έδωσε ρεσιτάλ εκατόν τριών ωρών εις το Λονδίνον. Οι γιατροί συμβουλεύουν ανάπαυσιν... Ο Ρούτερ μεταδίδει ότι είς Σίδνεϋ ένας ηλικιωμένος κάτοικος...

ΕΙΣ ΤΗΝ ΘΕΡΜΗΝ

Η εφημερίς «Ντέιλυ Εξπρές» γράφει ότι ένας πιανίστας έδωσε ρεσιτάλ εκατόν τριών ωρών εις το Λονδίνον. Οι γιατροί συμβουλεύουν ανάπαυσιν... Ο Ρούτερ μεταδίδει ότι είς Σίδνεϋ ένας ηλικιωμένος κάτοικος...

Η ΑΓΓΛΙΚΗ ΒΟΥΛΉ

Η εφημερίς «Ντέιλυ Εξπρές» γράφει ότι ένας πιανίστας έδωσε ρεσιτάλ εκατόν τριών ωρών εις το Λονδίνον. Οι γιατροί συμβουλεύουν ανάπαυσιν... Ο Ρούτερ μεταδίδει ότι είς Σίδνεϋ ένας ηλικιωμένος κάτοικος...

ΑΠΟΣΕΙΣ

Η εφημερίς «Ντέιλυ Εξπρές» γράφει ότι ένας πιανίστας έδωσε ρεσιτάλ εκατόν τριών ωρών εις το Λονδίνον. Οι γιατροί συμβουλεύουν ανάπαυσιν... Ο Ρούτερ μεταδίδει ότι είς Σίδνεϋ ένας ηλικιωμένος κάτοικος...

3 ΣΤΑΡ
Η ΕΒΔΟΜΑΣ
ΤΗ ΜΙΑ ΜΕ ΤΗΝ ΕΒΔΟΜΑΔΑ ΑΠΟΚΛΕΙΣΤΙΚΑ ΤΟ ΚΙΝΗΜΑΤΟΓΡΑΦΙΚΟ ΚΟΙΝΟΝ
ΑΞΙΟΛΑΤΡΕΥΤΕΣ ΓΥΝΑΙΚΕΣ
(ADORABLES CREATURES)
Η ΚΑΘΗΜΕΡΙΝΗ
ΑΞΙΟΛΑΤΡΕΥΤΕΣ ΓΥΝΑΙΚΕΣ
ΕΘΝΟΣ
ΑΞΙΟΛΑΤΡΕΥΤΕΣ ΓΥΝΑΙΚΕΣ
ΑΠΟΓΕΥΜΑΤΙΝΗ
ΑΞΙΟΛΑΤΡΕΥΤΕΣ ΓΥΝΑΙΚΕΣ
ΤΑ ΝΕΑ
ΑΞΙΟΛΑΤΡΕΥΤΕΣ ΓΥΝΑΙΚΕΣ
ΙΣΤΙΑ
ΑΞΙΟΛΑΤΡΕΥΤΕΣ ΓΥΝΑΙΚΕΣ
ΑΚΡΟΠΟΛΙΣ
ΑΞΙΟΛΑΤΡΕΥΤΕΣ ΓΥΝΑΙΚΕΣ
ΒΡΑΔΥΝΗ
ΑΞΙΟΛΑΤΡΕΥΤΕΣ ΓΥΝΑΙΚΕΣ
ΕΛΕΥΘΕΡΟΣ ΛΟΓΟΣ
ΑΞΙΟΛΑΤΡΕΥΤΕΣ ΓΥΝΑΙΚΕΣ
ΕΛΕΥΘΕΡΟΣ ΑΝΘΡΩΠΟΣ
Η μεγαλύτερη ἐπιτυχία τῆς «ΣΤΑΡ» προβάλλεται στήν πρεμιέρα
Ἐλευθεροστομίες
ΤΗΣ ΤΡΙΤΗΣ 14 ΑΠΡΙΛΙΟΥ 1953
ΔΙΑΛΟΓΟΣ

Αρά, κατά τον κ. Μαρκεζίνην, υπεύθυνος για τα ταξιδία ο κ. Βενιζέλος ή ο Παπάγος να είναι. — Ο ανώτερος όμως! Οπως θα διευκρινισθεί, η αυτή τότε μας θα ανατρέξουν είς το Παλάτι.

Αρά, κατά τον κ. Μαρκεζίνην, υπεύθυνος για τα ταξιδία ο κ. Βενιζέλος ή ο Παπάγος να είναι. — Ο ανώτερος όμως! Οπως θα διευκρινισθεί, η αυτή τότε μας θα ανατρέξουν είς το Παλάτι.

ΑΠΟΤΕΛΕΣΜΑ

Θα ήτο μάλλον ενδιαφέρουσα η ιδέα όλων αυτών να λυθούν με το δεύτερο των κρίσεων καί του ερευνητικού τρόπου...

Αρά, κατά τον κ. Μαρκεζίνην, υπεύθυνος για τα ταξιδία ο κ. Βενιζέλος ή ο Παπάγος να είναι. — Ο ανώτερος όμως! Οπως θα διευκρινισθεί, η αυτή τότε μας θα ανατρέξουν είς το Παλάτι.

Ο ΥΠΟΥΡΓΟΣ

Ο συντηρητικός φιλόσοφος πρέπει ν' αναλογισθή τη χαμένη διάσταση του λόγου. Έτσι στα εκλογικά ο Ελευθερότυπος.

Ο υπουργός του

προσκαλεί από το πλήθος ΘΔΑ να εκφράσουν το Σουδάνιο αργότερα. Και εκτελεί την προτίμηση. Οπως εξετάζεται, το καρτέλ πρέπει να αποφασίσει. Και αν υπάρχει μία αλλαγή του συστήματος...

Θα ήτο μάλλον ενδιαφέρουσα η ιδέα όλων αυτών να λυθούν με το δεύτερο των κρίσεων καί του ερευνητικού τρόπου...

προσκαλεί από το πλήθος ΘΔΑ να εκφράσουν το Σουδάνιο αργότερα. Και εκτελεί την προτίμηση. Οπως εξετάζεται, το καρτέλ πρέπει να αποφασίσει. Και αν υπάρχει μία αλλαγή του συστήματος...

Ο συντηρητικός φιλόσοφος πρέπει ν' αναλογισθή τη χαμένη διάσταση του λόγου. Έτσι στα εκλογικά ο Ελευθερότυπος.

ΚΟΙΝΩΝΙΚΑ
ΓΝΩΣΤΟΠΟΙΗΣΙΣ ΜΕΛΛΟΝΤΩΝ ΓΑΜΩΝ

Γνωστοποιείται συνοδευτικά τον μελλοντικό γάμον του κ. Κωνσταντίνου Θ. Φουρφούρη και της δίδος Ελένης Κ. Κωνσταντοπούλου. Ο κ. Ιωάννης Κοτσιάρης και η δίς Αικατερίνη Κ. Δημητρίου θα τελέσουν τους γάμους των...

Γνωστοποιείται συνοδευτικά τον μελλοντικό γάμον του κ. Κωνσταντίνου Θ. Φουρφούρη και της δίδος Ελένης Κ. Κωνσταντοπούλου. Ο κ. Ιωάννης Κοτσιάρης και η δίς Αικατερίνη Κ. Δημητρίου θα τελέσουν τους γάμους των...

Γνωστοποιείται συνοδευτικά τον μελλοντικό γάμον του κ. Κωνσταντίνου Θ. Φουρφούρη και της δίδος Ελένης Κ. Κωνσταντοπούλου. Ο κ. Ιωάννης Κοτσιάρης και η δίς Αικατερίνη Κ. Δημητρίου θα τελέσουν τους γάμους των...

ΑΡΡΑΒΩΝΕΣ

Ο κ. Γεώργιος Π. Σκουρλέτης και η δίς Μαρία Π. Σπυροπούλου ηλλάξαν δακτυλίδια.

Ο κ. Γεώργιος Π. Σκουρλέτης και η δίς Μαρία Π. Σπυροπούλου ηλλάξαν δακτυλίδια.

—050—
ΓΑΜΟΙ

Ο κ. Κώστας Εύστ. Καλλέργης και η δίς Κατίνα Σπυροπούλου ετέλεσαν τους γάμους των είς τον Αγιον Διονύσιον. Νουνός παρέστη ο κ. Ν. Παπαδόπουλος.

Ο κ. Κώστας Εύστ. Καλλέργης και η δίς Κατίνα Σπυροπούλου ετέλεσαν τους γάμους των είς τον Αγιον Διονύσιον. Νουνός παρέστη ο κ. Ν. Παπαδόπουλος.

Ο κ. Κώστας Εύστ. Καλλέργης και η δίς Κατίνα Σπυροπούλου ετέλεσαν τους γάμους των είς τον Αγιον Διονύσιον. Νουνός παρέστη ο κ. Ν. Παπαδόπουλος.

ΚΗΔΕΙΑ

Τον λατρευτόν μας σύζυγον, πατέρα, αδελφόν, θείον ΓΡΗΓΟΡΙΟΝ Β. ΚΟΝΤΟΝ κηδεύομεν σήμερον 3 μ.μ. εκ του Α΄ Νεκροταφείου.

Τον λατρευτόν μας σύζυγον, πατέρα, αδελφόν, θείον ΓΡΗΓΟΡΙΟΝ Β. ΚΟΝΤΟΝ κηδεύομεν σήμερον 3 μ.μ. εκ του Α΄ Νεκροταφείου.

ΠΕΝΘΗ

Τον πολυαγαπημένον μας ΙΩΑΝΝΗΝ Ε. ΣΥΡΙΟΠΟΥΛΟΝ διανύοντος του Κρατικού έτους απεβίωσεν.

Τον πολυαγαπημένον μας ΙΩΑΝΝΗΝ Ε. ΣΥΡΙΟΠΟΥΛΟΝ διανύοντος του Κρατικού έτους απεβίωσεν.

ΕΥΧΑΡΙΣΤΗΡΙΟΝ

Πάντας τους λαβόντας μέρος εις το πένθος μας ευχαριστούμε θερμώς. ΜΑΡΙΑΣ Δ. ΓΑΒΡΙΗΛ Η οικογένεια

ΣΤΑΥΡΟΛΕΞΟΝ ΑΡ. 1836
1	2	3	4	5	6	7	8	9
1
2
3
4
5
6
7
8
9

Ὁριζοντίως:

1. Είναι καί ο Βαλφ είσι. 2. Απ' το λεγάκι του. 3. Αυτά με ευδόκιμη χώρα. 4. Ποιος ήταν εκεί; 5. Το υπερβαίνω. 6. Πόλις αραβική. 7. Τα στοιχεία. 8. Ανάγκη του Ελυμπου. 9. Προέρχεται της πόλης τη Κορυφή.

Καθέτως:

1. Ωλκάρις (ήταν είς της καθαρεύουσας). 2. Κάνει νεροκολόκυθο. 3. Αρωματική πόλις. 4. Αντιρρητά. 5. Πλανήτης. 6. Διαφορή σημερινής. 7. Η αιρετική βασίλισσα. 8. Υπάρχει μίαν φορά. 9. Ικανότης καί κοσμικότης.

ΛΥΣΙΣ ΣΤΑΥΡΟΛΕΞΟΥ ΑΡ. 1837

Ὁριζ. 1. Ιερεμίας. 2. Ευτραπέλων. 3. Αν. 4. Ουρανός. 5. Εροτικός. 6. Σαχάρα. Καθ. 1. Ιωάννης. 2. Επί. 3. Ρώμη.

ΛΟΓΙΣΤΙΚΗ

Τη 16ην Απριλίου θα αρχίσουν μαθήματα λογιστικής εις την Σχολήν ΕΜΠΟΡΙΚΗΣ ΠΑΙΔΕΙΑΣ. Εγγραφαί καθ' εκάστην 6-8 μ.μ. Οδός Ακαδημίας 38.

ΑΓΙΑ ΒΑΡΒΑΡΑ
Παιδιατρείον—Χρυσοσπηλαίου 29
Ιατρείον Αλκυονίδων 6 καθημερινών 9—12 και 4—8 μ.μ. ΟΔΟΝΤΙΑΤΡΕΙΟΝ 8—12 π.μ.
ΓΥΡΙΖΩ — ΡΑΒΩ

Γυρίζω παλτό 120.000 δραχμές, κοστούμια 150.000. Ραπτάδικον: Διδότου 10. ΜΕΝΕΛΑΟΣ ΔΡΑΓΟΥΜΑΝΟΣ

ΕΝΟΙΚΙΑΖΟΝΤΑΙ διαμερίσματα μονοκατοικίας, πλησίον πλατείας Κολωνακίου. Πληροφορίαι τηλεφ. 515.324.

ΖΗΤΟΥΝΤΑΙ 2 διακοσιάδες θέσεως είς κεντρικόν κατάστημα. Πληροφορίαι 11 — 1, Οδός Ερμού 8.

Etam
Ἡ δραχμὴ διατηρεῖ τὴν ἀξία
της στά εἴδη της ΕΤΑΜ
Η ΕΤΑΜ δηλοί εκ νέου ότι απασα τα είδη της, (κάλτσες, φορέματα, πουλόβερ, εσώρουχα κ.λ.π.) θα πωλούνται με τις ίδιες τιμές όπως και πριν από την υποτίμηση της δραχμής. Και είς τα είδη της Καλοκαιρινής Συλλογής που βγαίνουν τώρα. Μια νέα απόδειξη ότι η ΕΤΑΜ πουλάει φθηνότερα.

Ολα ευτυχισμένοι μέσα σ' εκείνον το σπιτάκι με τους κήπους. Σαν ονειρευτήν του απέραντου οράματος ήταν τους φορούσαν μακριά... Ο Σέβυ είναι Σουηδός, είπε.

Ηταν τότε μέσα στον κόσμο της μουσικής και του θεάτρου, και γύρω τους ακουγόταν ο θόρυβος της πόλης. Κανείς δεν ήξερε ότι ο άνθρωπος που είχε έρθει από μακριά κρατούσε ένα μυστικό...

Ολα ευτυχισμένοι μέσα σ' εκείνον το σπιτάκι με τους κήπους. Σαν ονειρευτήν του απέραντου οράματος ήταν τους φορούσαν μακριά... Ο Σέβυ είναι Σουηδός, είπε.

Ηταν τότε μέσα στον κόσμο της μουσικής και του θεάτρου, και γύρω τους ακουγόταν ο θόρυβος της πόλης. Κανείς δεν ήξερε ότι ο άνθρωπος που είχε έρθει από μακριά κρατούσε ένα μυστικό...

Ολα ευτυχισμένοι μέσα σ' εκείνον το σπιτάκι με τους κήπους. Σαν ονειρευτήν του απέραντου οράματος ήταν τους φορούσαν μακριά... Ο Σέβυ είναι Σουηδός, είπε.

Ηταν τότε μέσα στον κόσμο της μουσικής και του θεάτρου, και γύρω τους ακουγόταν ο θόρυβος της πόλης. Κανείς δεν ήξερε ότι ο άνθρωπος που είχε έρθει από μακριά κρατούσε ένα μυστικό...

Ολα ευτυχισμένοι μέσα σ' εκείνον το σπιτάκι με τους κήπους. Σαν ονειρευτήν του απέραντου οράματος ήταν τους φορούσαν μακριά... Ο Σέβυ είναι Σουηδός, είπε.

Ηταν τότε μέσα στον κόσμο της μουσικής και του θεάτρου, και γύρω τους ακουγόταν ο θόρυβος της πόλης. Κανείς δεν ήξερε ότι ο άνθρωπος που είχε έρθει από μακριά κρατούσε ένα μυστικό...

Ολα ευτυχισμένοι μέσα σ' εκείνον το σπιτάκι με τους κήπους. Σαν ονειρευτήν του απέραντου οράματος ήταν τους φορούσαν μακριά... Ο Σέβυ είναι Σουηδός, είπε.

Ηταν τότε μέσα στον κόσμο της μουσικής και του θεάτρου, και γύρω τους ακουγόταν ο θόρυβος της πόλης. Κανείς δεν ήξερε ότι ο άνθρωπος που είχε έρθει από μακριά κρατούσε ένα μυστικό...

Κάτσαμε τον Εσύν ού φίλους στο φρούριο. Ο Φέιν Μετόλ είπε ότι θα έρθει αύριο. — Ωραία, είπε ο Σέβυ. Και τι γίνεται με εκείνο; — Οτι πείτε εσείς. Θα ήταν όμως καλό να το σκεφτούμε πριν φύγουμε...

Κάτσαμε τον Εσύν ού φίλους στο φρούριο. Ο Φέιν Μετόλ είπε ότι θα έρθει αύριο. — Ωραία, είπε ο Σέβυ. Και τι γίνεται με εκείνο; — Οτι πείτε εσείς. Θα ήταν όμως καλό να το σκεφτούμε πριν φύγουμε...

Κάτσαμε τον Εσύν ού φίλους στο φρούριο. Ο Φέιν Μετόλ είπε ότι θα έρθει αύριο. — Ωραία, είπε ο Σέβυ. Και τι γίνεται με εκείνο; — Οτι πείτε εσείς. Θα ήταν όμως καλό να το σκεφτούμε πριν φύγουμε...

Κάτσαμε τον Εσύν ού φίλους στο φρούριο. Ο Φέιν Μετόλ είπε ότι θα έρθει αύριο. — Ωραία, είπε ο Σέβυ. Και τι γίνεται με εκείνο; — Οτι πείτε εσείς. Θα ήταν όμως καλό να το σκεφτούμε πριν φύγουμε...

Κάτσαμε τον Εσύν ού φίλους στο φρούριο. Ο Φέιν Μετόλ είπε ότι θα έρθει αύριο. — Ωραία, είπε ο Σέβυ. Και τι γίνεται με εκείνο; — Οτι πείτε εσείς. Θα ήταν όμως καλό να το σκεφτούμε πριν φύγουμε...

Κάτσαμε τον Εσύν ού φίλους στο φρούριο. Ο Φέιν Μετόλ είπε ότι θα έρθει αύριο. — Ωραία, είπε ο Σέβυ. Και τι γίνεται με εκείνο; — Οτι πείτε εσείς. Θα ήταν όμως καλό να το σκεφτούμε πριν φύγουμε...

Κάτσαμε τον Εσύν ού φίλους στο φρούριο. Ο Φέιν Μετόλ είπε ότι θα έρθει αύριο. — Ωραία, είπε ο Σέβυ. Και τι γίνεται με εκείνο; — Οτι πείτε εσείς. Θα ήταν όμως καλό να το σκεφτούμε πριν φύγουμε...

ΑΥΡΙΟΝ: Η συνέχεια.
